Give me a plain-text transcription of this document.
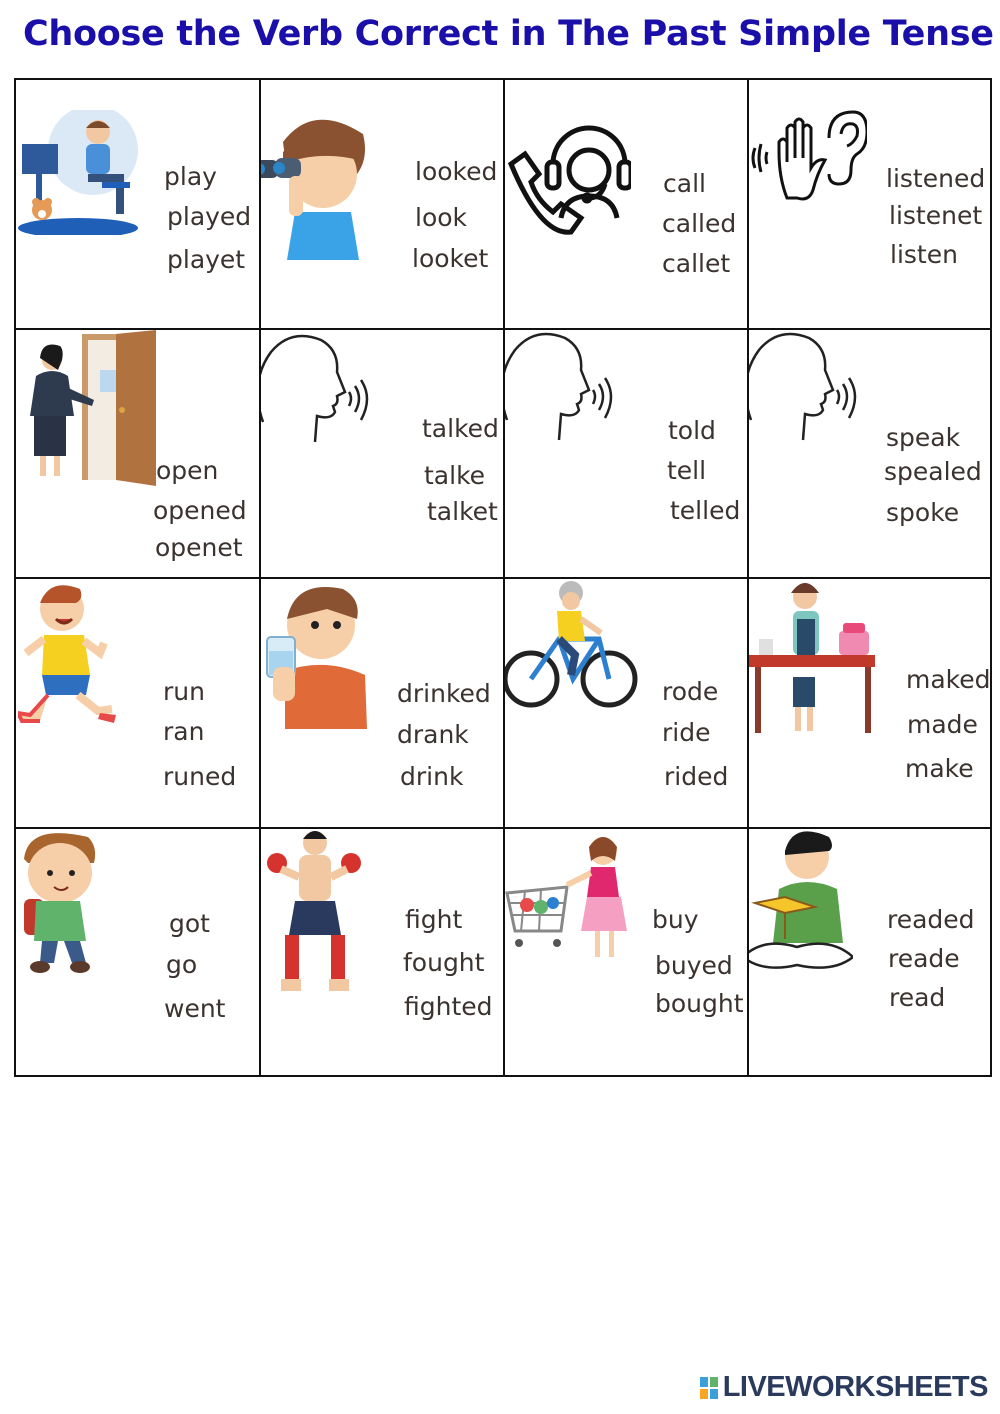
Choose the Verb Correct in The Past Simple Tense
play
played
playet
looked
look
looket
call
called
callet
listened
listenet
listen
open
opened
openet
talked
talke
talket
told
tell
telled
speak
spealed
spoke
run
ran
runed
drinked
drank
drink
rode
ride
rided
maked
made
make
got
go
went
fight
fought
fighted
buy
buyed
bought
readed
reade
read
LIVEWORKSHEETS
